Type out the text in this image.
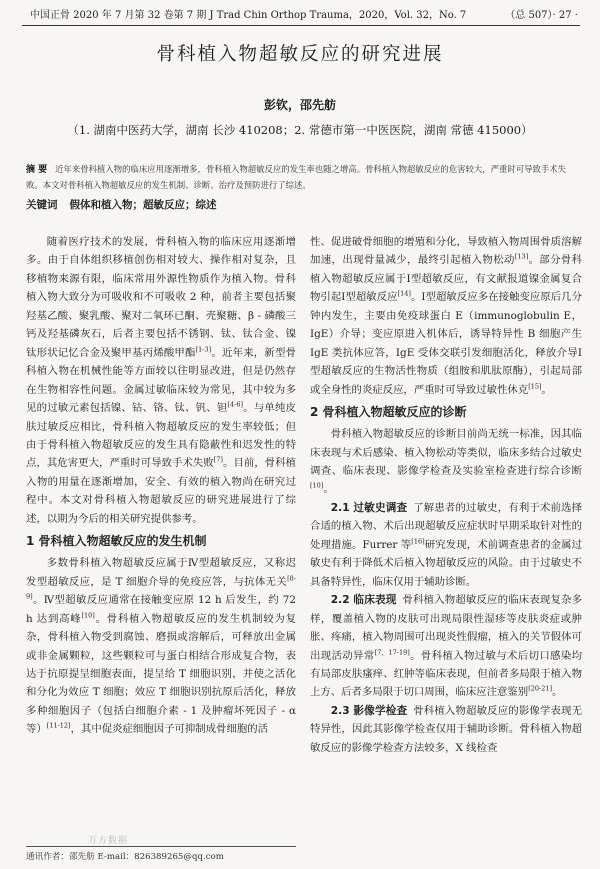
中国正骨 2020 年 7 月第 32 卷第 7 期 J Trad Chin Orthop Trauma，2020，Vol. 32，No. 7	（总 507）· 27 ·
骨科植入物超敏反应的研究进展
彭钦，邵先舫
（1. 湖南中医药大学，湖南 长沙 410208；2. 常德市第一中医医院，湖南 常德 415000）
摘 要 近年来骨科植入物的临床应用逐渐增多，骨科植入物超敏反应的发生率也随之增高。骨科植入物超敏反应的危害较大，严重时可导致手术失败。本文对骨科植入物超敏反应的发生机制、诊断、治疗及预防进行了综述。
关键词 假体和植入物；超敏反应；综述

随着医疗技术的发展，骨科植入物的临床应用逐渐增多。由于自体组织移植创伤相对较大、操作相对复杂，且移植物来源有限，临床常用外源性物质作为植入物。骨科植入物大致分为可吸收和不可吸收 2 种，前者主要包括聚羟基乙酸、聚乳酸、聚对二氧环已酮、壳聚糖、β - 磷酸三钙及羟基磷灰石，后者主要包括不锈钢、钛、钛合金、镍钛形状记忆合金及聚甲基丙烯酸甲酯[1-3]。近年来，新型骨科植入物在机械性能等方面较以往明显改进，但是仍然存在生物相容性问题。金属过敏临床较为常见，其中较为多见的过敏元素包括镍、钴、铬、钛、钒、钽[4-6]。与单纯皮肤过敏反应相比，骨科植入物超敏反应的发生率较低；但由于骨科植入物超敏反应的发生具有隐蔽性和迟发性的特点，其危害更大，严重时可导致手术失败[7]。目前，骨科植入物的用量在逐渐增加，安全、有效的植入物尚在研究过程中。本文对骨科植入物超敏反应的研究进展进行了综述，以期为今后的相关研究提供参考。

1 骨科植入物超敏反应的发生机制

多数骨科植入物超敏反应属于Ⅳ型超敏反应，又称迟发型超敏反应，是 T 细胞介导的免疫应答，与抗体无关[8-9]。Ⅳ型超敏反应通常在接触变应原 12 h 后发生，约 72 h 达到高峰[10]。骨科植入物超敏反应的发生机制较为复杂，骨科植入物受到腐蚀、磨损或溶解后，可释放出金属或非金属颗粒，这些颗粒可与蛋白相结合形成复合物，表达于抗原提呈细胞表面，提呈给 T 细胞识别，并使之活化和分化为效应 T 细胞；效应 T 细胞识别抗原后活化，释放多种细胞因子（包括白细胞介素 - 1 及肿瘤坏死因子 - α 等）[11-12]，其中促炎症细胞因子可抑制成骨细胞的活

性、促进破骨细胞的增殖和分化，导致植入物周围骨质溶解加速，出现骨量减少，最终引起植入物松动[13]。部分骨科植入物超敏反应属于Ⅰ型超敏反应，有文献报道镍金属复合物引起Ⅰ型超敏反应[14]。Ⅰ型超敏反应多在接触变应原后几分钟内发生，主要由免疫球蛋白 E（immunoglobulin E，IgE）介导；变应原进入机体后，诱导特异性 B 细胞产生 IgE 类抗体应答，IgE 受体交联引发细胞活化，释放介导Ⅰ型超敏反应的生物活性物质（组胺和肌肽原酶），引起局部或全身性的炎症反应，严重时可导致过敏性休克[15]。

2 骨科植入物超敏反应的诊断

骨科植入物超敏反应的诊断目前尚无统一标准，因其临床表现与术后感染、植入物松动等类似，临床多结合过敏史调查、临床表现、影像学检查及实验室检查进行综合诊断[10]。

2.1 过敏史调查 了解患者的过敏史，有利于术前选择合适的植入物、术后出现超敏反应症状时早期采取针对性的处理措施。Furrer 等[16]研究发现，术前调查患者的金属过敏史有利于降低术后植入物超敏反应的风险。由于过敏史不具备特异性，临床仅用于辅助诊断。

2.2 临床表现 骨科植入物超敏反应的临床表现复杂多样，覆盖植入物的皮肤可出现局限性湿疹等皮肤炎症或肿胀、疼痛，植入物周围可出现炎性假瘤，植入的关节假体可出现活动异常[7，17-19]。骨科植入物过敏与术后切口感染均有局部皮肤瘙痒、红肿等临床表现，但前者多局限于植入物上方、后者多局限于切口周围，临床应注意鉴别[20-21]。

2.3 影像学检查 骨科植入物超敏反应的影像学表现无特异性，因此其影像学检查仅用于辅助诊断。骨科植入物超敏反应的影像学检查方法较多，X 线检查

万方数据
通讯作者：邵先舫 E-mail：826389265@qq.com
